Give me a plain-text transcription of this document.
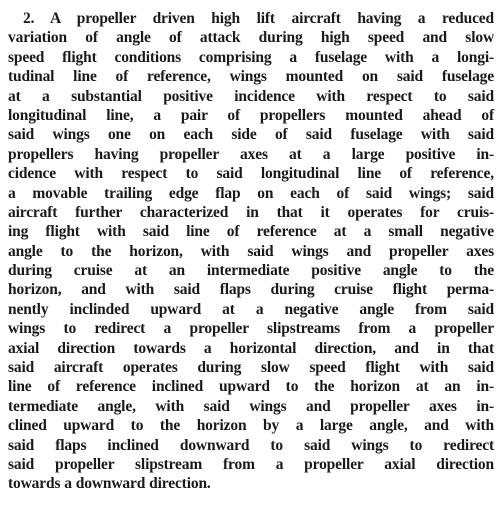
2. A propeller driven high lift aircraft having a reduced
variation of angle of attack during high speed and slow
speed flight conditions comprising a fuselage with a longi-
tudinal line of reference, wings mounted on said fuselage
at a substantial positive incidence with respect to said
longitudinal line, a pair of propellers mounted ahead of
said wings one on each side of said fuselage with said
propellers having propeller axes at a large positive in-
cidence with respect to said longitudinal line of reference,
a movable trailing edge flap on each of said wings; said
aircraft further characterized in that it operates for cruis-
ing flight with said line of reference at a small negative
angle to the horizon, with said wings and propeller axes
during cruise at an intermediate positive angle to the
horizon, and with said flaps during cruise flight perma-
nently inclinded upward at a negative angle from said
wings to redirect a propeller slipstreams from a propeller
axial direction towards a horizontal direction, and in that
said aircraft operates during slow speed flight with said
line of reference inclined upward to the horizon at an in-
termediate angle, with said wings and propeller axes in-
clined upward to the horizon by a large angle, and with
said flaps inclined downward to said wings to redirect
said propeller slipstream from a propeller axial direction
towards a downward direction.
